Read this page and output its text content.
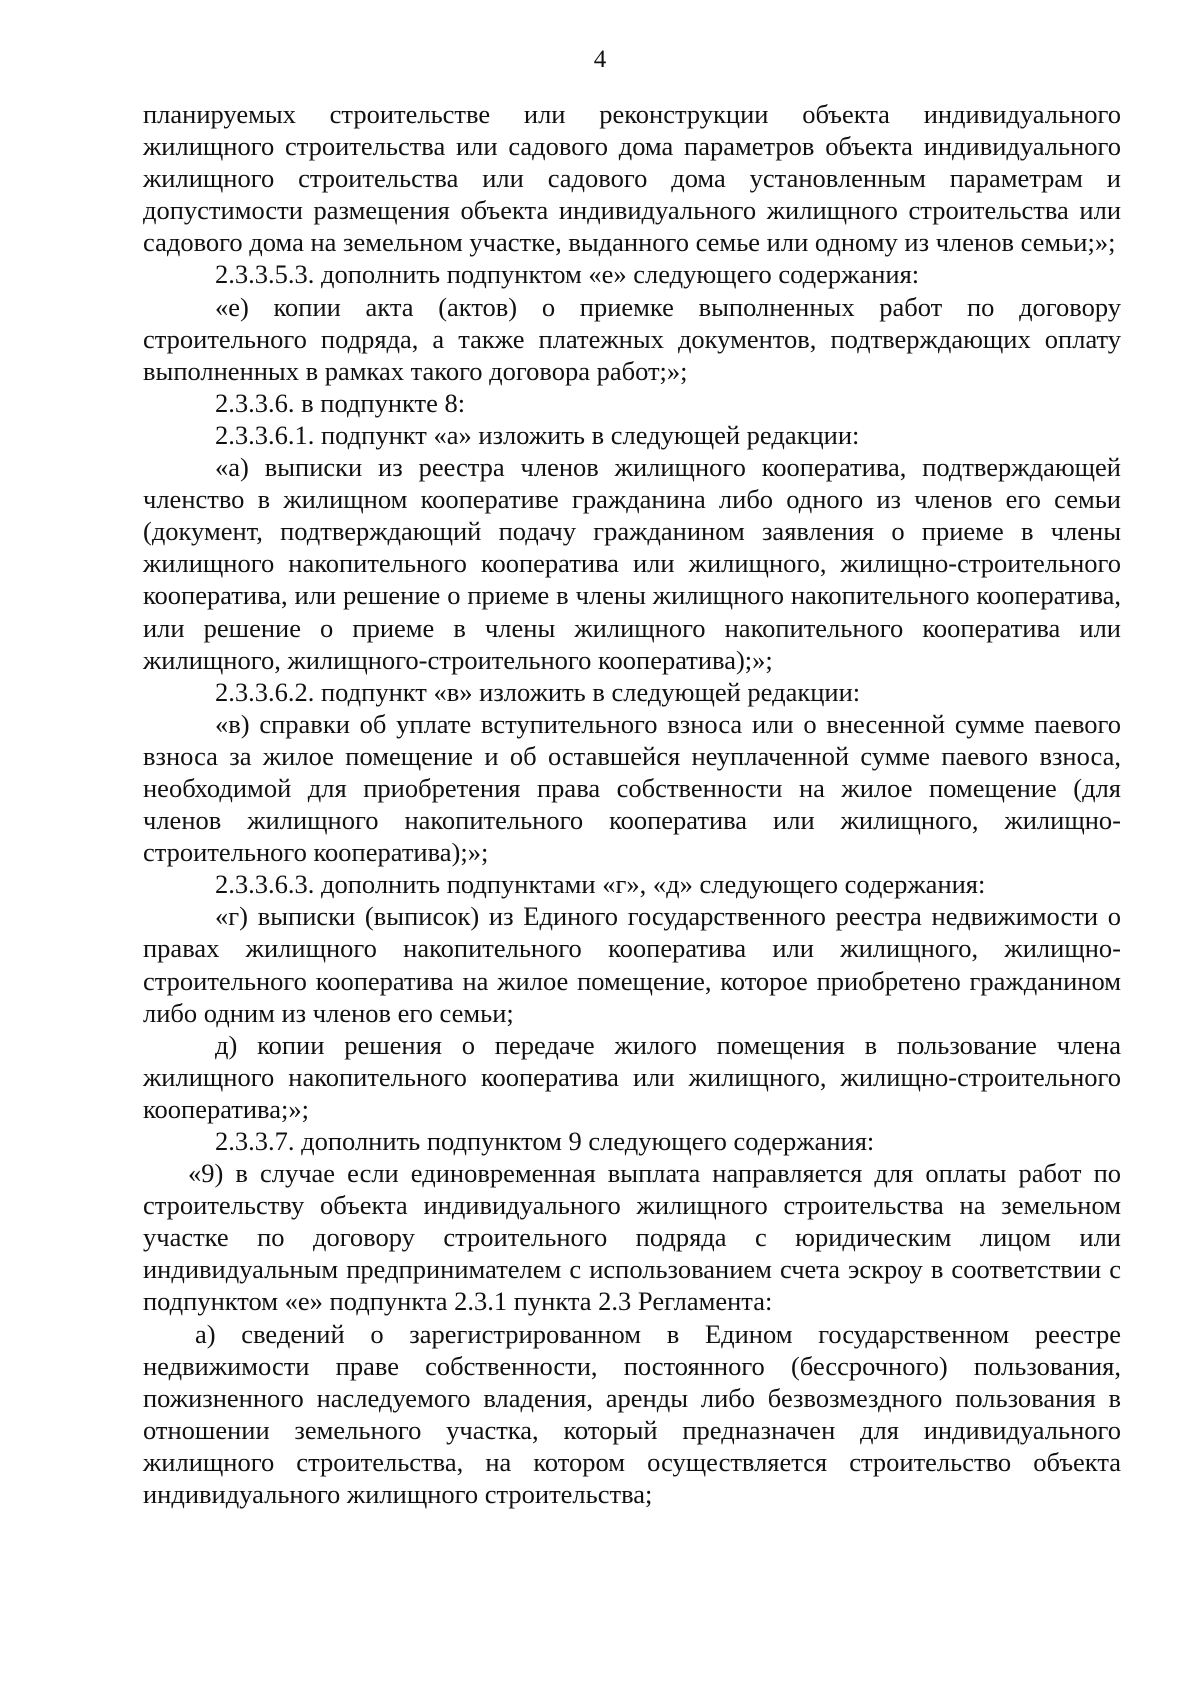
4

планируемых строительстве или реконструкции объекта индивидуального жилищного строительства или садового дома параметров объекта индивидуального жилищного строительства или садового дома установленным параметрам и допустимости размещения объекта индивидуального жилищного строительства или садового дома на земельном участке, выданного семье или одному из членов семьи;»;

2.3.3.5.3. дополнить подпунктом «е» следующего содержания:

«е) копии акта (актов) о приемке выполненных работ по договору строительного подряда, а также платежных документов, подтверждающих оплату выполненных в рамках такого договора работ;»;

2.3.3.6. в подпункте 8:

2.3.3.6.1. подпункт «а» изложить в следующей редакции:

«а) выписки из реестра членов жилищного кооператива, подтверждающей членство в жилищном кооперативе гражданина либо одного из членов его семьи (документ, подтверждающий подачу гражданином заявления о приеме в члены жилищного накопительного кооператива или жилищного, жилищно-строительного кооператива, или решение о приеме в члены жилищного накопительного кооператива, или решение о приеме в члены жилищного накопительного кооператива или жилищного, жилищного-строительного кооператива);»;

2.3.3.6.2. подпункт «в» изложить в следующей редакции:

«в) справки об уплате вступительного взноса или о внесенной сумме паевого взноса за жилое помещение и об оставшейся неуплаченной сумме паевого взноса, необходимой для приобретения права собственности на жилое помещение (для членов жилищного накопительного кооператива или жилищного, жилищно-строительного кооператива);»;

2.3.3.6.3. дополнить подпунктами «г», «д» следующего содержания:

«г) выписки (выписок) из Единого государственного реестра недвижимости о правах жилищного накопительного кооператива или жилищного, жилищно-строительного кооператива на жилое помещение, которое приобретено гражданином либо одним из членов его семьи;

д) копии решения о передаче жилого помещения в пользование члена жилищного накопительного кооператива или жилищного, жилищно-строительного кооператива;»;

2.3.3.7. дополнить подпунктом 9 следующего содержания:

«9) в случае если единовременная выплата направляется для оплаты работ по строительству объекта индивидуального жилищного строительства на земельном участке по договору строительного подряда с юридическим лицом или индивидуальным предпринимателем с использованием счета эскроу в соответствии с подпунктом «е» подпункта 2.3.1 пункта 2.3 Регламента:

а) сведений о зарегистрированном в Едином государственном реестре недвижимости праве собственности, постоянного (бессрочного) пользования, пожизненного наследуемого владения, аренды либо безвозмездного пользования в отношении земельного участка, который предназначен для индивидуального жилищного строительства, на котором осуществляется строительство объекта индивидуального жилищного строительства;
